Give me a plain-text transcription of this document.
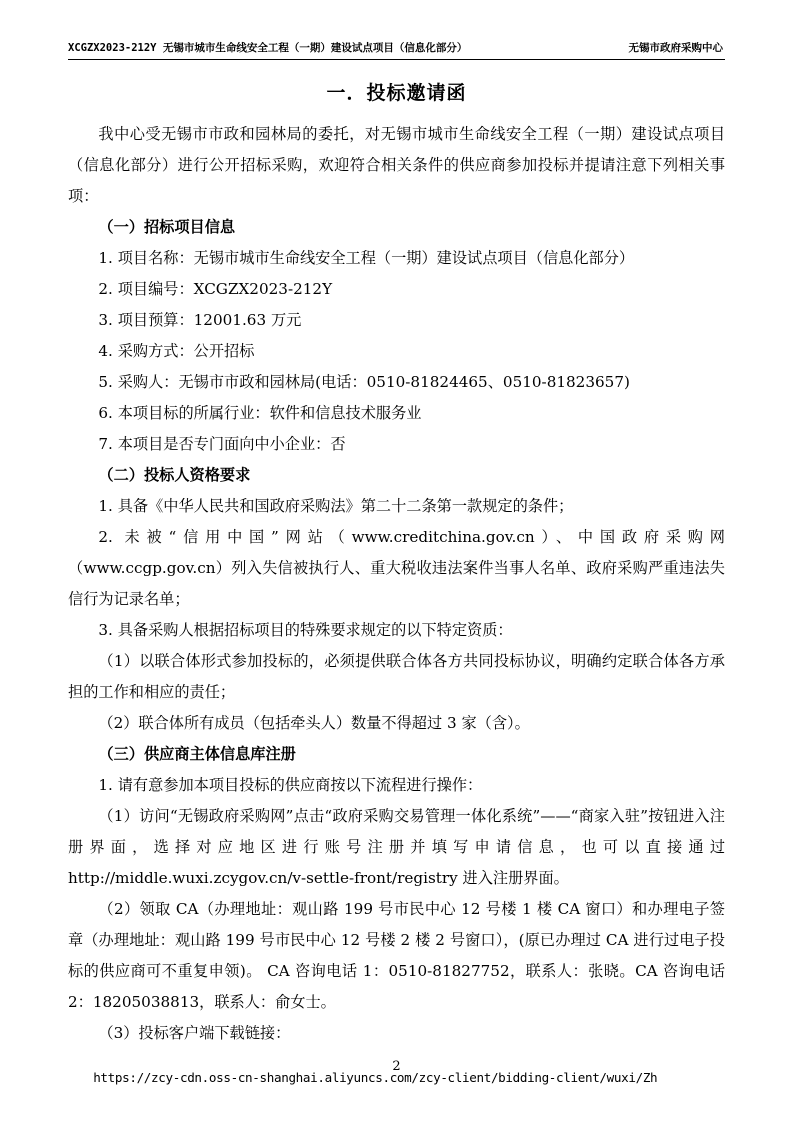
XCGZX2023-212Y 无锡市城市生命线安全工程（一期）建设试点项目（信息化部分）	无锡市政府采购中心
一．投标邀请函

我中心受无锡市市政和园林局的委托，对无锡市城市生命线安全工程（一期）建设试点项目（信息化部分）进行公开招标采购，欢迎符合相关条件的供应商参加投标并提请注意下列相关事项：

（一）招标项目信息

1. 项目名称：无锡市城市生命线安全工程（一期）建设试点项目（信息化部分）

2. 项目编号：XCGZX2023-212Y

3. 项目预算：12001.63 万元

4. 采购方式：公开招标

5. 采购人：无锡市市政和园林局(电话：0510-81824465、0510-81823657)

6. 本项目标的所属行业：软件和信息技术服务业

7. 本项目是否专门面向中小企业：否

（二）投标人资格要求

1. 具备《中华人民共和国政府采购法》第二十二条第一款规定的条件；

2. 未被“信用中国”网站（www.creditchina.gov.cn）、中国政府采购网（www.ccgp.gov.cn）列入失信被执行人、重大税收违法案件当事人名单、政府采购严重违法失信行为记录名单；

3. 具备采购人根据招标项目的特殊要求规定的以下特定资质：

（1）以联合体形式参加投标的，必须提供联合体各方共同投标协议，明确约定联合体各方承担的工作和相应的责任；

（2）联合体所有成员（包括牵头人）数量不得超过 3 家（含）。

（三）供应商主体信息库注册

1. 请有意参加本项目投标的供应商按以下流程进行操作：

（1）访问“无锡政府采购网”点击“政府采购交易管理一体化系统”——“商家入驻”按钮进入注册界面，选择对应地区进行账号注册并填写申请信息，也可以直接通过 http://middle.wuxi.zcygov.cn/v-settle-front/registry 进入注册界面。

（2）领取 CA（办理地址：观山路 199 号市民中心 12 号楼 1 楼 CA 窗口）和办理电子签章（办理地址：观山路 199 号市民中心 12 号楼 2 楼 2 号窗口），(原已办理过 CA 进行过电子投标的供应商可不重复申领)。 CA 咨询电话 1：0510-81827752，联系人：张晓。CA 咨询电话 2：18205038813，联系人：俞女士。

（3）投标客户端下载链接：

https://zcy-cdn.oss-cn-shanghai.aliyuncs.com/zcy-client/bidding-client/wuxi/Zh

2
